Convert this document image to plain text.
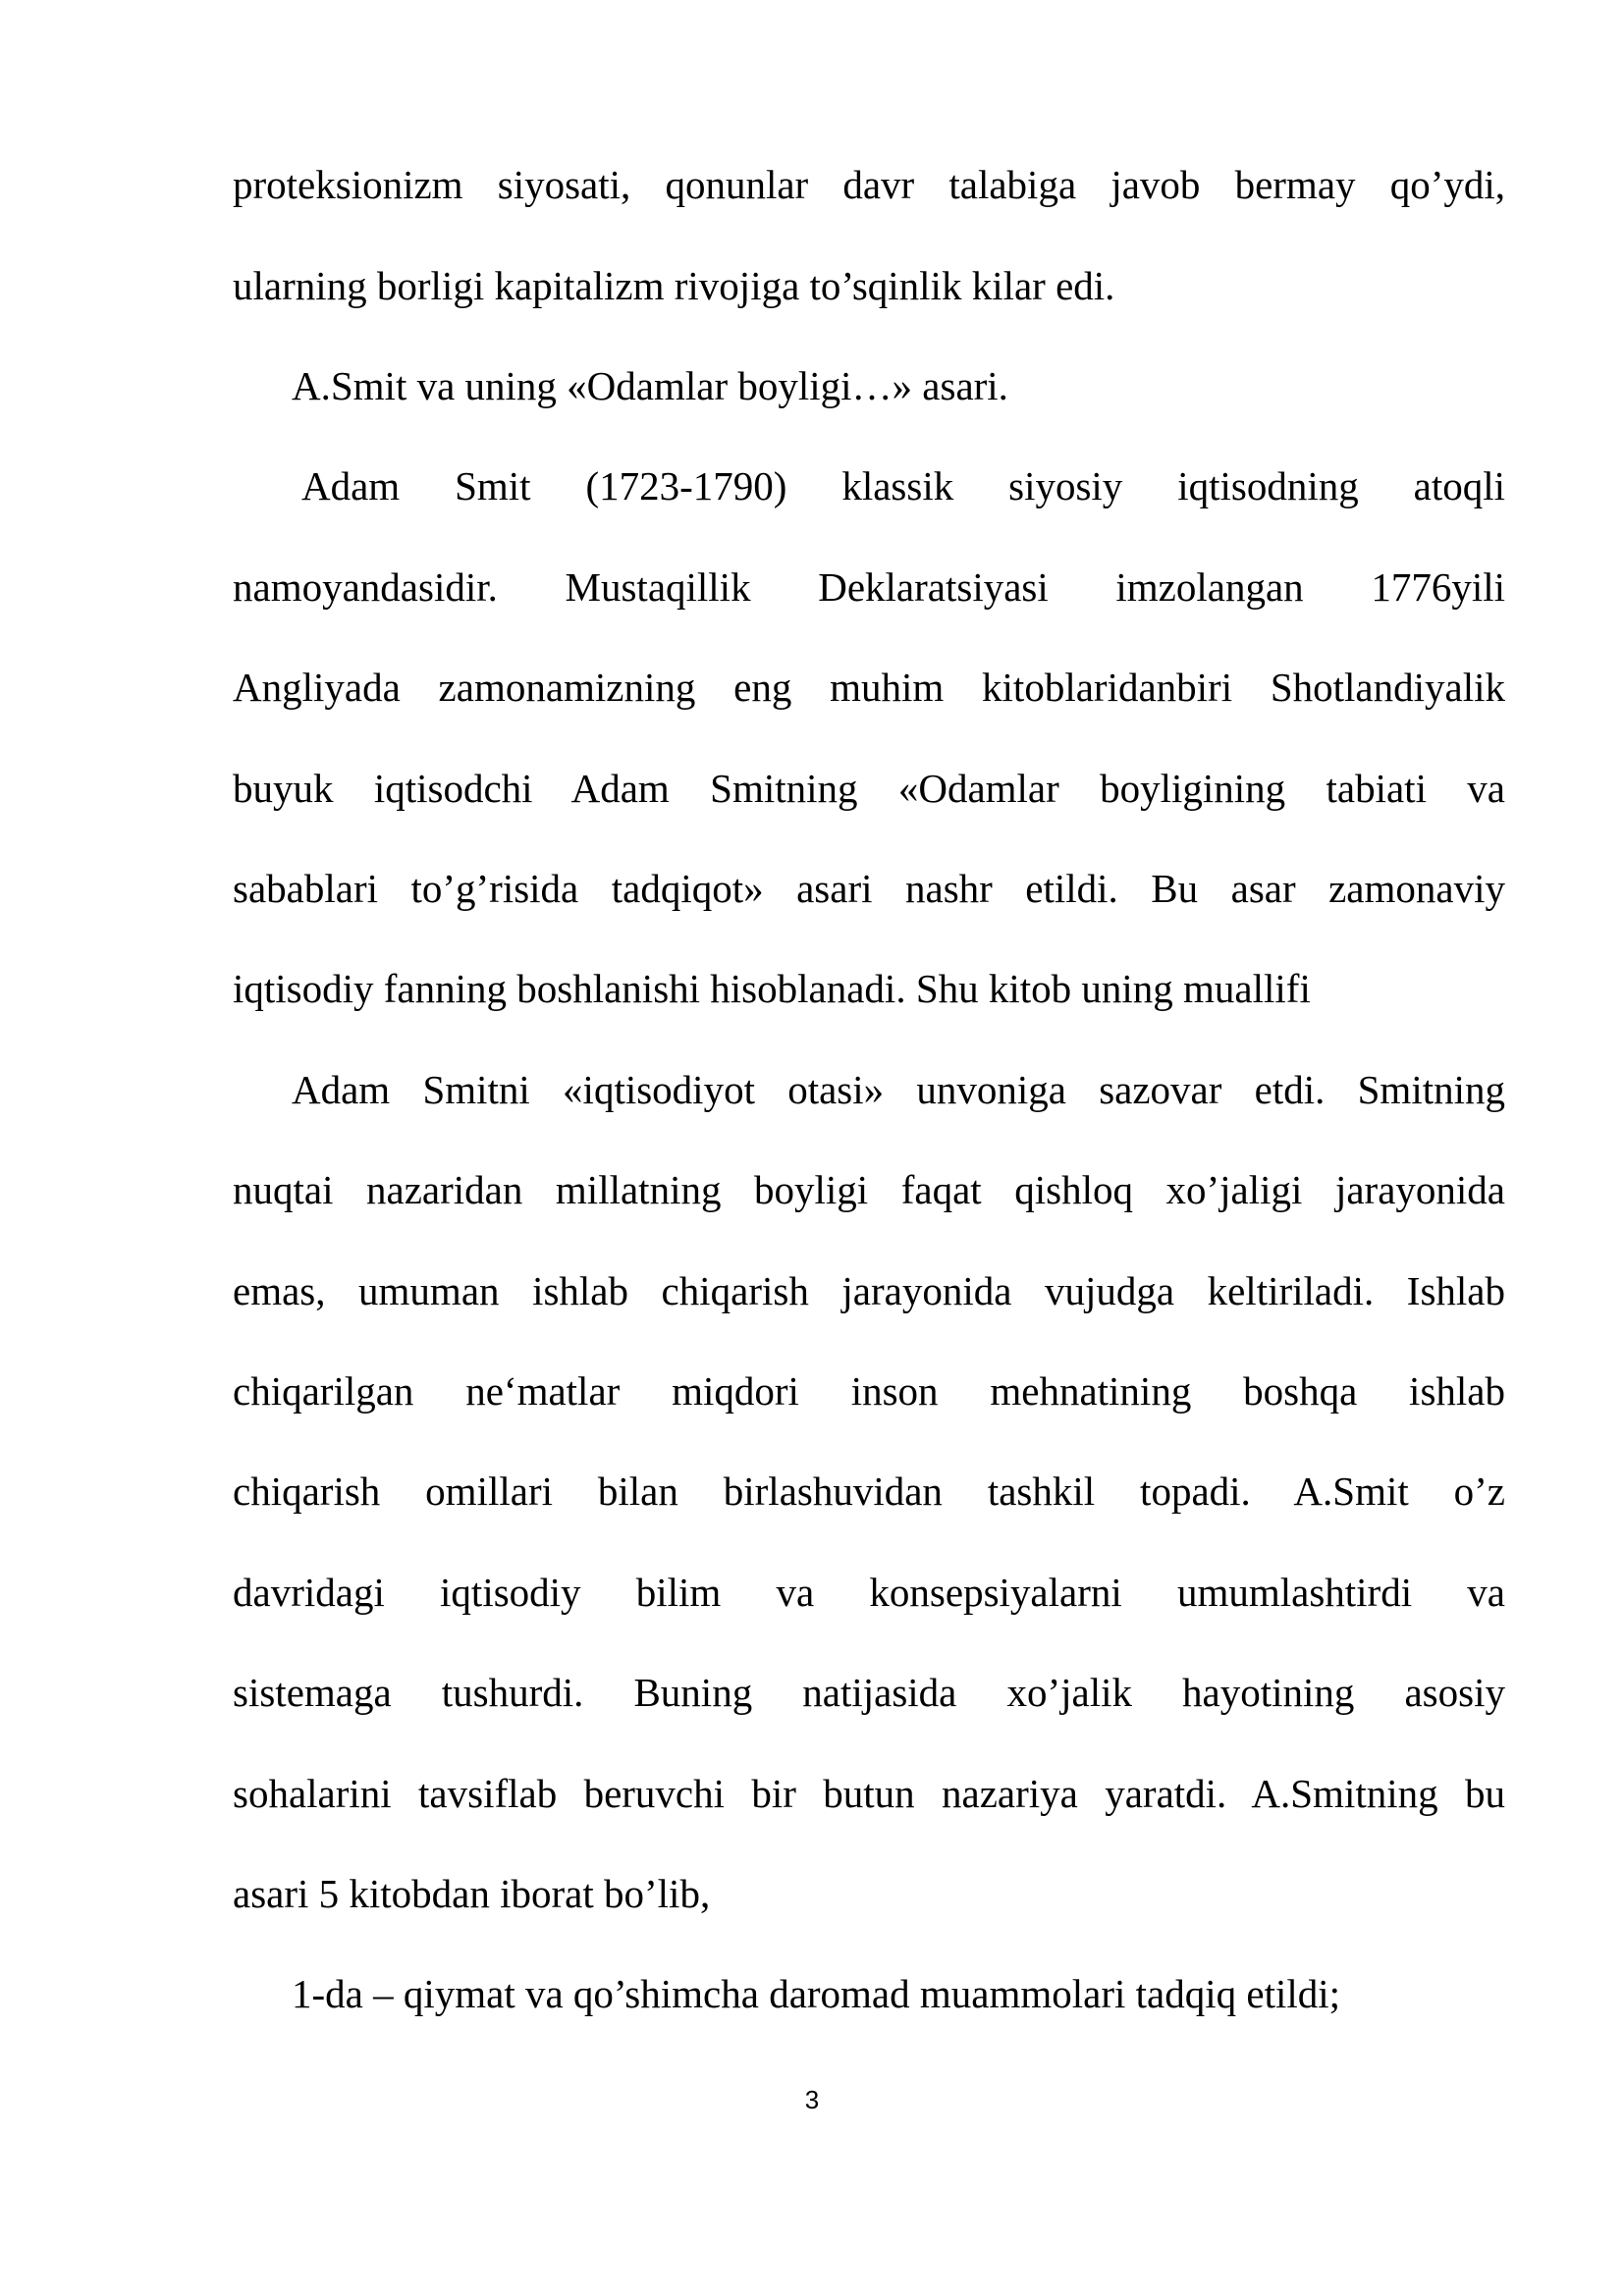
proteksionizm siyosati, qonunlar davr talabiga javob bermay qo’ydi,
ularning borligi kapitalizm rivojiga to’sqinlik kilar edi.
A.Smit va uning «Odamlar boyligi…» asari.
Adam Smit (1723-1790) klassik siyosiy iqtisodning atoqli
namoyandasidir. Mustaqillik Deklaratsiyasi imzolangan 1776yili
Angliyada zamonamizning eng muhim kitoblaridanbiri Shotlandiyalik
buyuk iqtisodchi Adam Smitning «Odamlar boyligining tabiati va
sabablari to’g’risida tadqiqot» asari nashr etildi. Bu asar zamonaviy
iqtisodiy fanning boshlanishi hisoblanadi. Shu kitob uning muallifi
Adam Smitni «iqtisodiyot otasi» unvoniga sazovar etdi. Smitning
nuqtai nazaridan millatning boyligi faqat qishloq xo’jaligi jarayonida
emas, umuman ishlab chiqarish jarayonida vujudga keltiriladi. Ishlab
chiqarilgan ne‘matlar miqdori inson mehnatining boshqa ishlab
chiqarish omillari bilan birlashuvidan tashkil topadi. A.Smit o’z
davridagi iqtisodiy bilim va konsepsiyalarni umumlashtirdi va
sistemaga tushurdi. Buning natijasida xo’jalik hayotining asosiy
sohalarini tavsiflab beruvchi bir butun nazariya yaratdi. A.Smitning bu
asari 5 kitobdan iborat bo’lib,
1-da – qiymat va qo’shimcha daromad muammolari tadqiq etildi;
3
